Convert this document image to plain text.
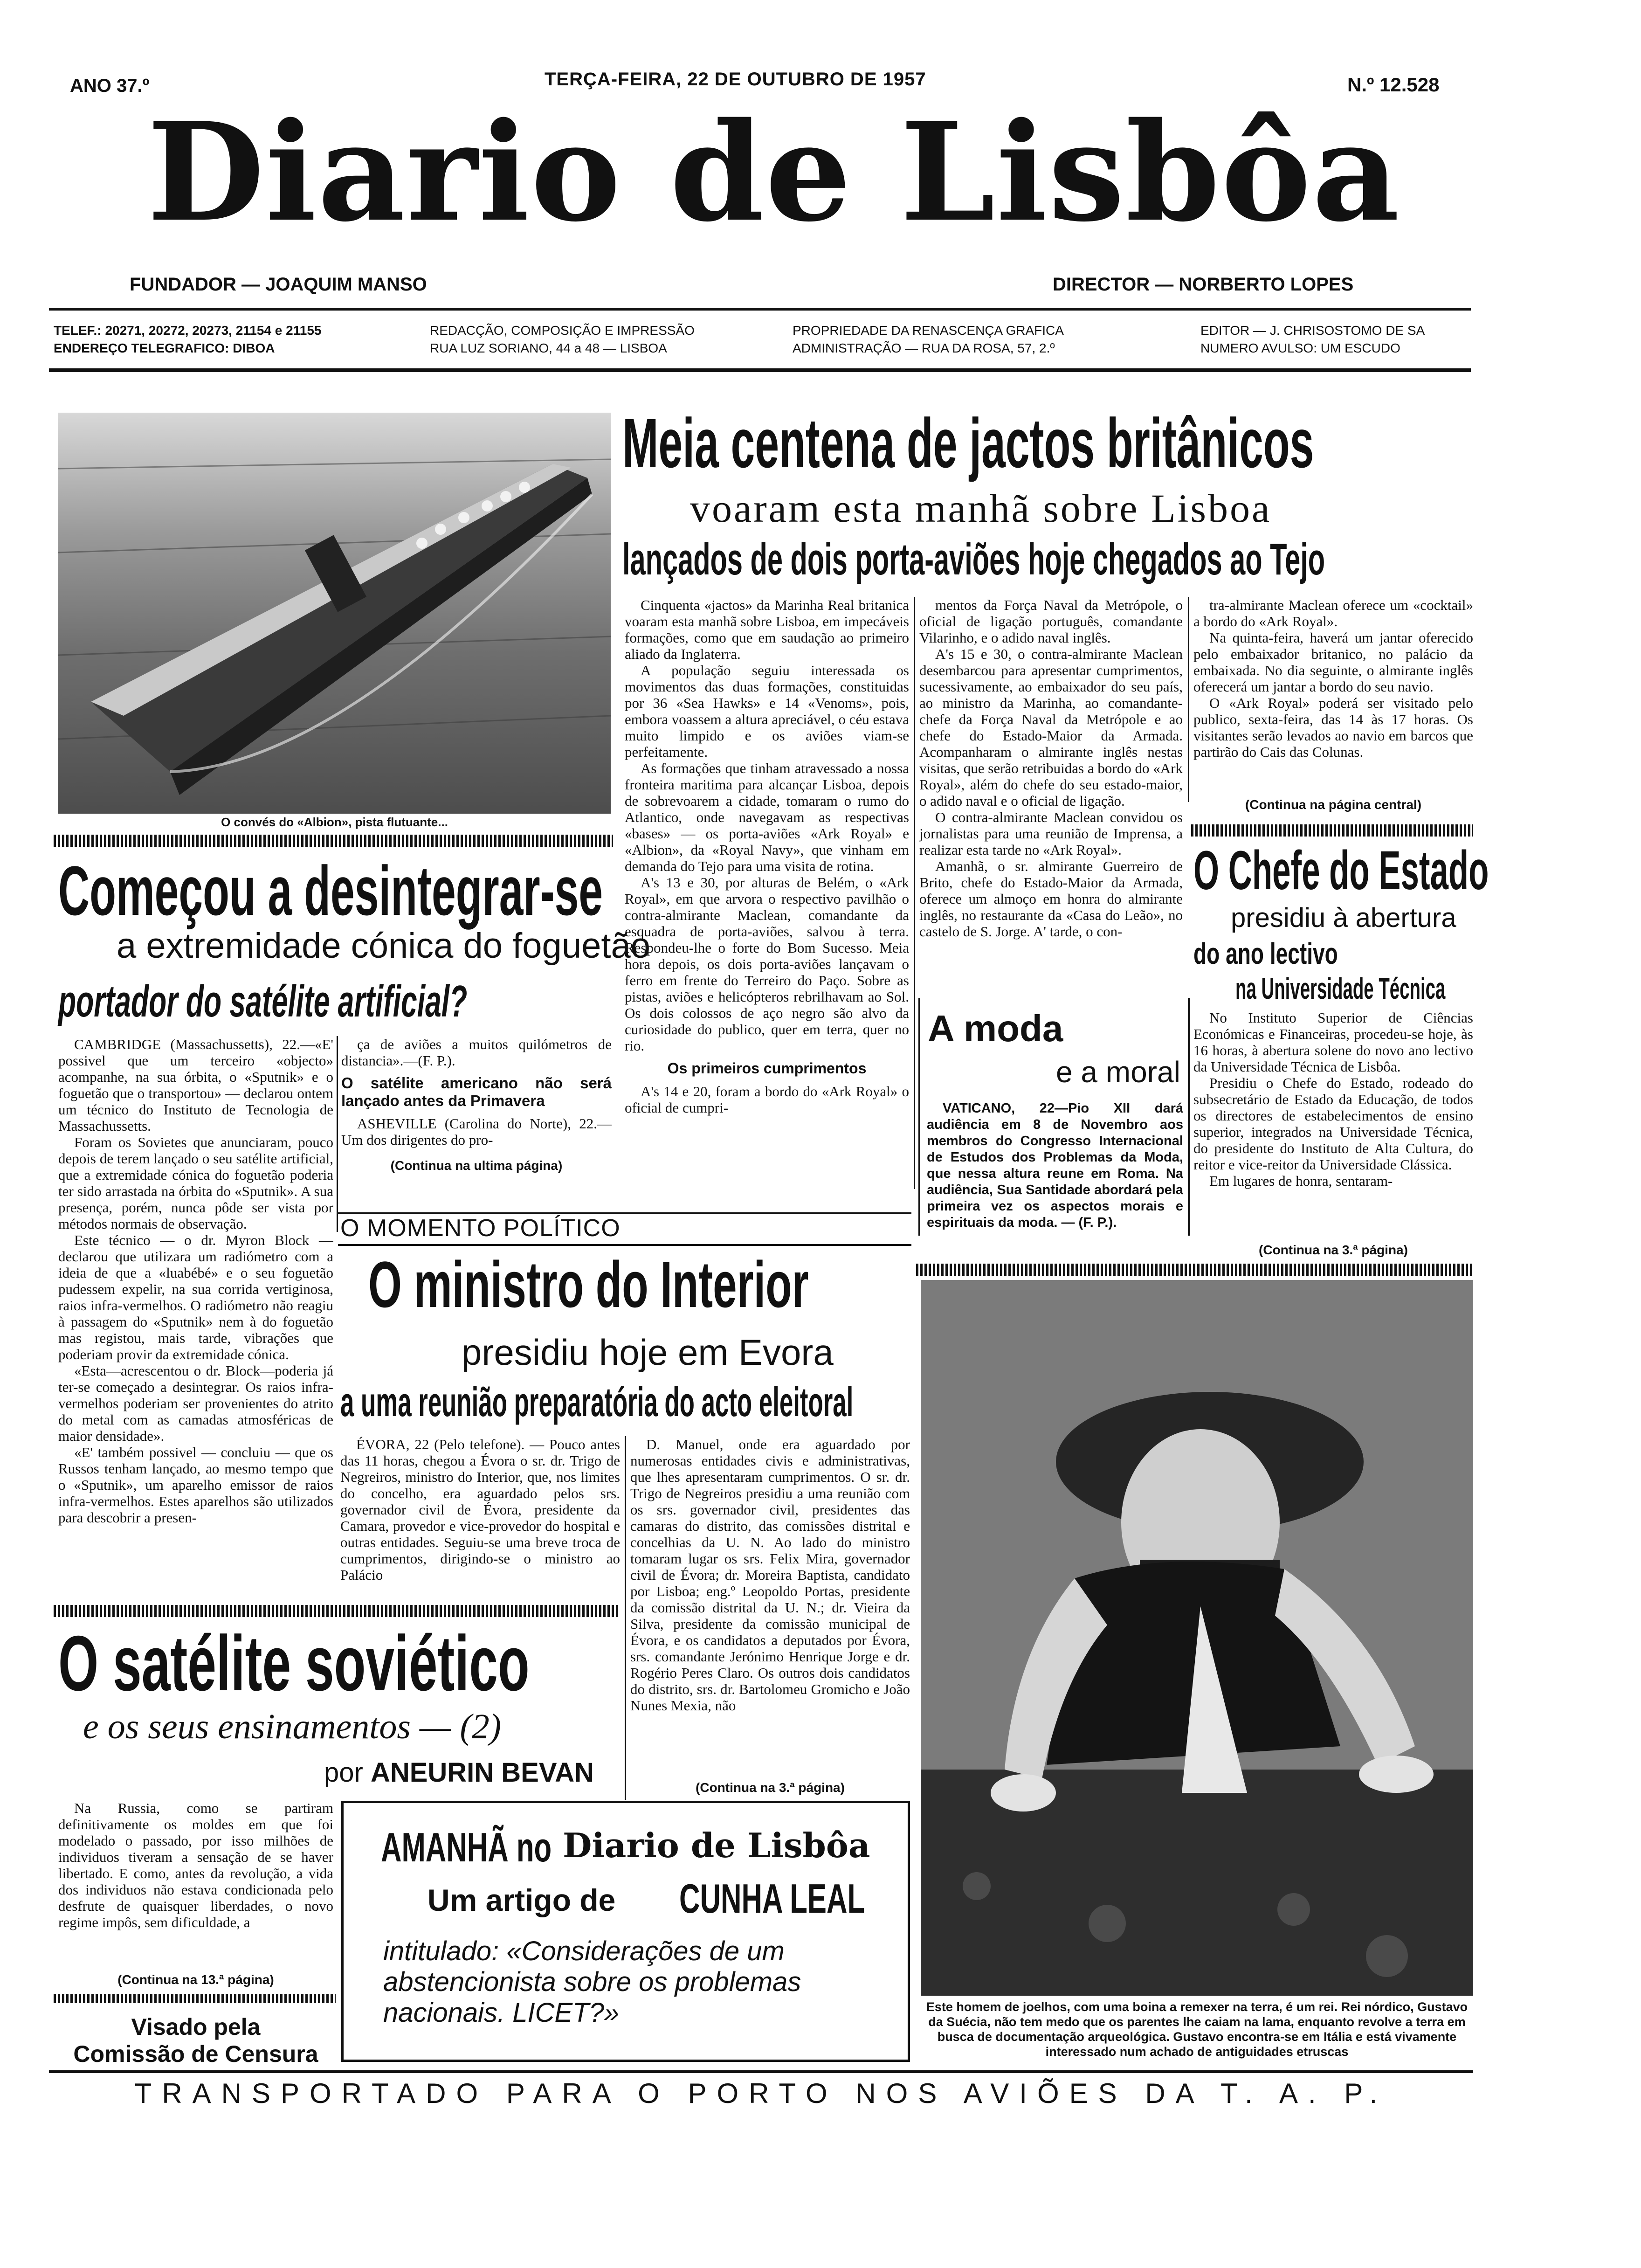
ANO 37.º	TERÇA-FEIRA, 22 DE OUTUBRO DE 1957	N.º 12.528
Diario de Lisbôa
FUNDADOR — JOAQUIM MANSO	DIRECTOR — NORBERTO LOPES
TELEF.: 20271, 20272, 20273, 21154 e 21155
ENDEREÇO TELEGRAFICO: DIBOA
REDACÇÃO, COMPOSIÇÃO E IMPRESSÃO
RUA LUZ SORIANO, 44 a 48 — LISBOA
PROPRIEDADE DA RENASCENÇA GRAFICA
ADMINISTRAÇÃO — RUA DA ROSA, 57, 2.º
EDITOR — J. CHRISOSTOMO DE SA
NUMERO AVULSO: UM ESCUDO
O convés do «Albion», pista flutuante...
Meia centena de jactos britânicos
voaram esta manhã sobre Lisboa
lançados de dois porta-aviões hoje chegados ao Tejo

Cinquenta «jactos» da Marinha Real britanica voaram esta manhã sobre Lisboa, em impecáveis formações, como que em saudação ao primeiro aliado da Inglaterra.

A população seguiu interessada os movimentos das duas formações, constituidas por 36 «Sea Hawks» e 14 «Venoms», pois, embora voassem a altura apreciável, o céu estava muito limpido e os aviões viam-se perfeitamente.

As formações que tinham atravessado a nossa fronteira maritima para alcançar Lisboa, depois de sobrevoarem a cidade, tomaram o rumo do Atlantico, onde navegavam as respectivas «bases» — os porta-aviões «Ark Royal» e «Albion», da «Royal Navy», que vinham em demanda do Tejo para uma visita de rotina.

A's 13 e 30, por alturas de Belém, o «Ark Royal», em que arvora o respectivo pavilhão o contra-almirante Maclean, comandante da esquadra de porta-aviões, salvou à terra. Respondeu-lhe o forte do Bom Sucesso. Meia hora depois, os dois porta-aviões lançavam o ferro em frente do Terreiro do Paço. Sobre as pistas, aviões e helicópteros rebrilhavam ao Sol. Os dois colossos de aço negro são alvo da curiosidade do publico, quer em terra, quer no rio.

Os primeiros cumprimentos

A's 14 e 20, foram a bordo do «Ark Royal» o oficial de cumpri-

mentos da Força Naval da Metrópole, o oficial de ligação português, comandante Vilarinho, e o adido naval inglês.

A's 15 e 30, o contra-almirante Maclean desembarcou para apresentar cumprimentos, sucessivamente, ao embaixador do seu país, ao ministro da Marinha, ao comandante-chefe da Força Naval da Metrópole e ao chefe do Estado-Maior da Armada. Acompanharam o almirante inglês nestas visitas, que serão retribuidas a bordo do «Ark Royal», além do chefe do seu estado-maior, o adido naval e o oficial de ligação.

O contra-almirante Maclean convidou os jornalistas para uma reunião de Imprensa, a realizar esta tarde no «Ark Royal».

Amanhã, o sr. almirante Guerreiro de Brito, chefe do Estado-Maior da Armada, oferece um almoço em honra do almirante inglês, no restaurante da «Casa do Leão», no castelo de S. Jorge. A' tarde, o con-

tra-almirante Maclean oferece um «cocktail» a bordo do «Ark Royal».

Na quinta-feira, haverá um jantar oferecido pelo embaixador britanico, no palácio da embaixada. No dia seguinte, o almirante inglês oferecerá um jantar a bordo do seu navio.

O «Ark Royal» poderá ser visitado pelo publico, sexta-feira, das 14 às 17 horas. Os visitantes serão levados ao navio em barcos que partirão do Cais das Colunas.

(Continua na página central)
Começou a desintegrar-se
a extremidade cónica do foguetão
portador do satélite artificial?

CAMBRIDGE (Massachussetts), 22.—«E' possivel que um terceiro «objecto» acompanhe, na sua órbita, o «Sputnik» e o foguetão que o transportou» — declarou ontem um técnico do Instituto de Tecnologia de Massachussetts.

Foram os Sovietes que anunciaram, pouco depois de terem lançado o seu satélite artificial, que a extremidade cónica do foguetão poderia ter sido arrastada na órbita do «Sputnik». A sua presença, porém, nunca pôde ser vista por métodos normais de observação.

Este técnico — o dr. Myron Block — declarou que utilizara um radiómetro com a ideia de que a «luabébé» e o seu foguetão pudessem expelir, na sua corrida vertiginosa, raios infra-vermelhos. O radiómetro não reagiu à passagem do «Sputnik» nem à do foguetão mas registou, mais tarde, vibrações que poderiam provir da extremidade cónica.

«Esta—acrescentou o dr. Block—poderia já ter-se começado a desintegrar. Os raios infra-vermelhos poderiam ser provenientes do atrito do metal com as camadas atmosféricas de maior densidade».

«E' também possivel — concluiu — que os Russos tenham lançado, ao mesmo tempo que o «Sputnik», um aparelho emissor de raios infra-vermelhos. Estes aparelhos são utilizados para descobrir a presen-

ça de aviões a muitos quilómetros de distancia».—(F. P.).

O satélite americano não será lançado antes da Primavera

ASHEVILLE (Carolina do Norte), 22.—Um dos dirigentes do pro-

(Continua na ultima página)
O MOMENTO POLÍTICO
O ministro do Interior
presidiu hoje em Evora
a uma reunião preparatória do acto eleitoral

ÉVORA, 22 (Pelo telefone). — Pouco antes das 11 horas, chegou a Évora o sr. dr. Trigo de Negreiros, ministro do Interior, que, nos limites do concelho, era aguardado pelos srs. governador civil de Évora, presidente da Camara, provedor e vice-provedor do hospital e outras entidades. Seguiu-se uma breve troca de cumprimentos, dirigindo-se o ministro ao Palácio

D. Manuel, onde era aguardado por numerosas entidades civis e administrativas, que lhes apresentaram cumprimentos. O sr. dr. Trigo de Negreiros presidiu a uma reunião com os srs. governador civil, presidentes das camaras do distrito, das comissões distrital e concelhias da U. N. Ao lado do ministro tomaram lugar os srs. Felix Mira, governador civil de Évora; dr. Moreira Baptista, candidato por Lisboa; eng.º Leopoldo Portas, presidente da comissão distrital da U. N.; dr. Vieira da Silva, presidente da comissão municipal de Évora, e os candidatos a deputados por Évora, srs. comandante Jerónimo Henrique Jorge e dr. Rogério Peres Claro. Os outros dois candidatos do distrito, srs. dr. Bartolomeu Gromicho e João Nunes Mexia, não

(Continua na 3.ª página)
O satélite soviético
e os seus ensinamentos — (2)
por ANEURIN BEVAN

Na Russia, como se partiram definitivamente os moldes em que foi modelado o passado, por isso milhões de individuos tiveram a sensação de se haver libertado. E como, antes da revolução, a vida dos individuos não estava condicionada pelo desfrute de quaisquer liberdades, o novo regime impôs, sem dificuldade, a

(Continua na 13.ª página)
Visado pela
Comissão de Censura
AMANHÃ no Diario de Lisbôa
Um artigo de CUNHA LEAL
intitulado: «Considerações de um abstencionista sobre os problemas nacionais. LICET?»
O Chefe do Estado
presidiu à abertura
do ano lectivo
na Universidade Técnica

No Instituto Superior de Ciências Económicas e Financeiras, procedeu-se hoje, às 16 horas, à abertura solene do novo ano lectivo da Universidade Técnica de Lisbôa.

Presidiu o Chefe do Estado, rodeado do subsecretário de Estado da Educação, de todos os directores de estabelecimentos de ensino superior, integrados na Universidade Técnica, do presidente do Instituto de Alta Cultura, do reitor e vice-reitor da Universidade Clássica.

Em lugares de honra, sentaram-

(Continua na 3.ª página)
A moda
e a moral

VATICANO, 22—Pio XII dará audiência em 8 de Novembro aos membros do Congresso Internacional de Estudos dos Problemas da Moda, que nessa altura reune em Roma. Na audiência, Sua Santidade abordará pela primeira vez os aspectos morais e espirituais da moda. — (F. P.).

Este homem de joelhos, com uma boina a remexer na terra, é um rei. Rei nórdico, Gustavo da Suécia, não tem medo que os parentes lhe caiam na lama, enquanto revolve a terra em busca de documentação arqueológica. Gustavo encontra-se em Itália e está vivamente interessado num achado de antiguidades etruscas
TRANSPORTADO PARA O PORTO NOS AVIÕES DA T. A. P.
